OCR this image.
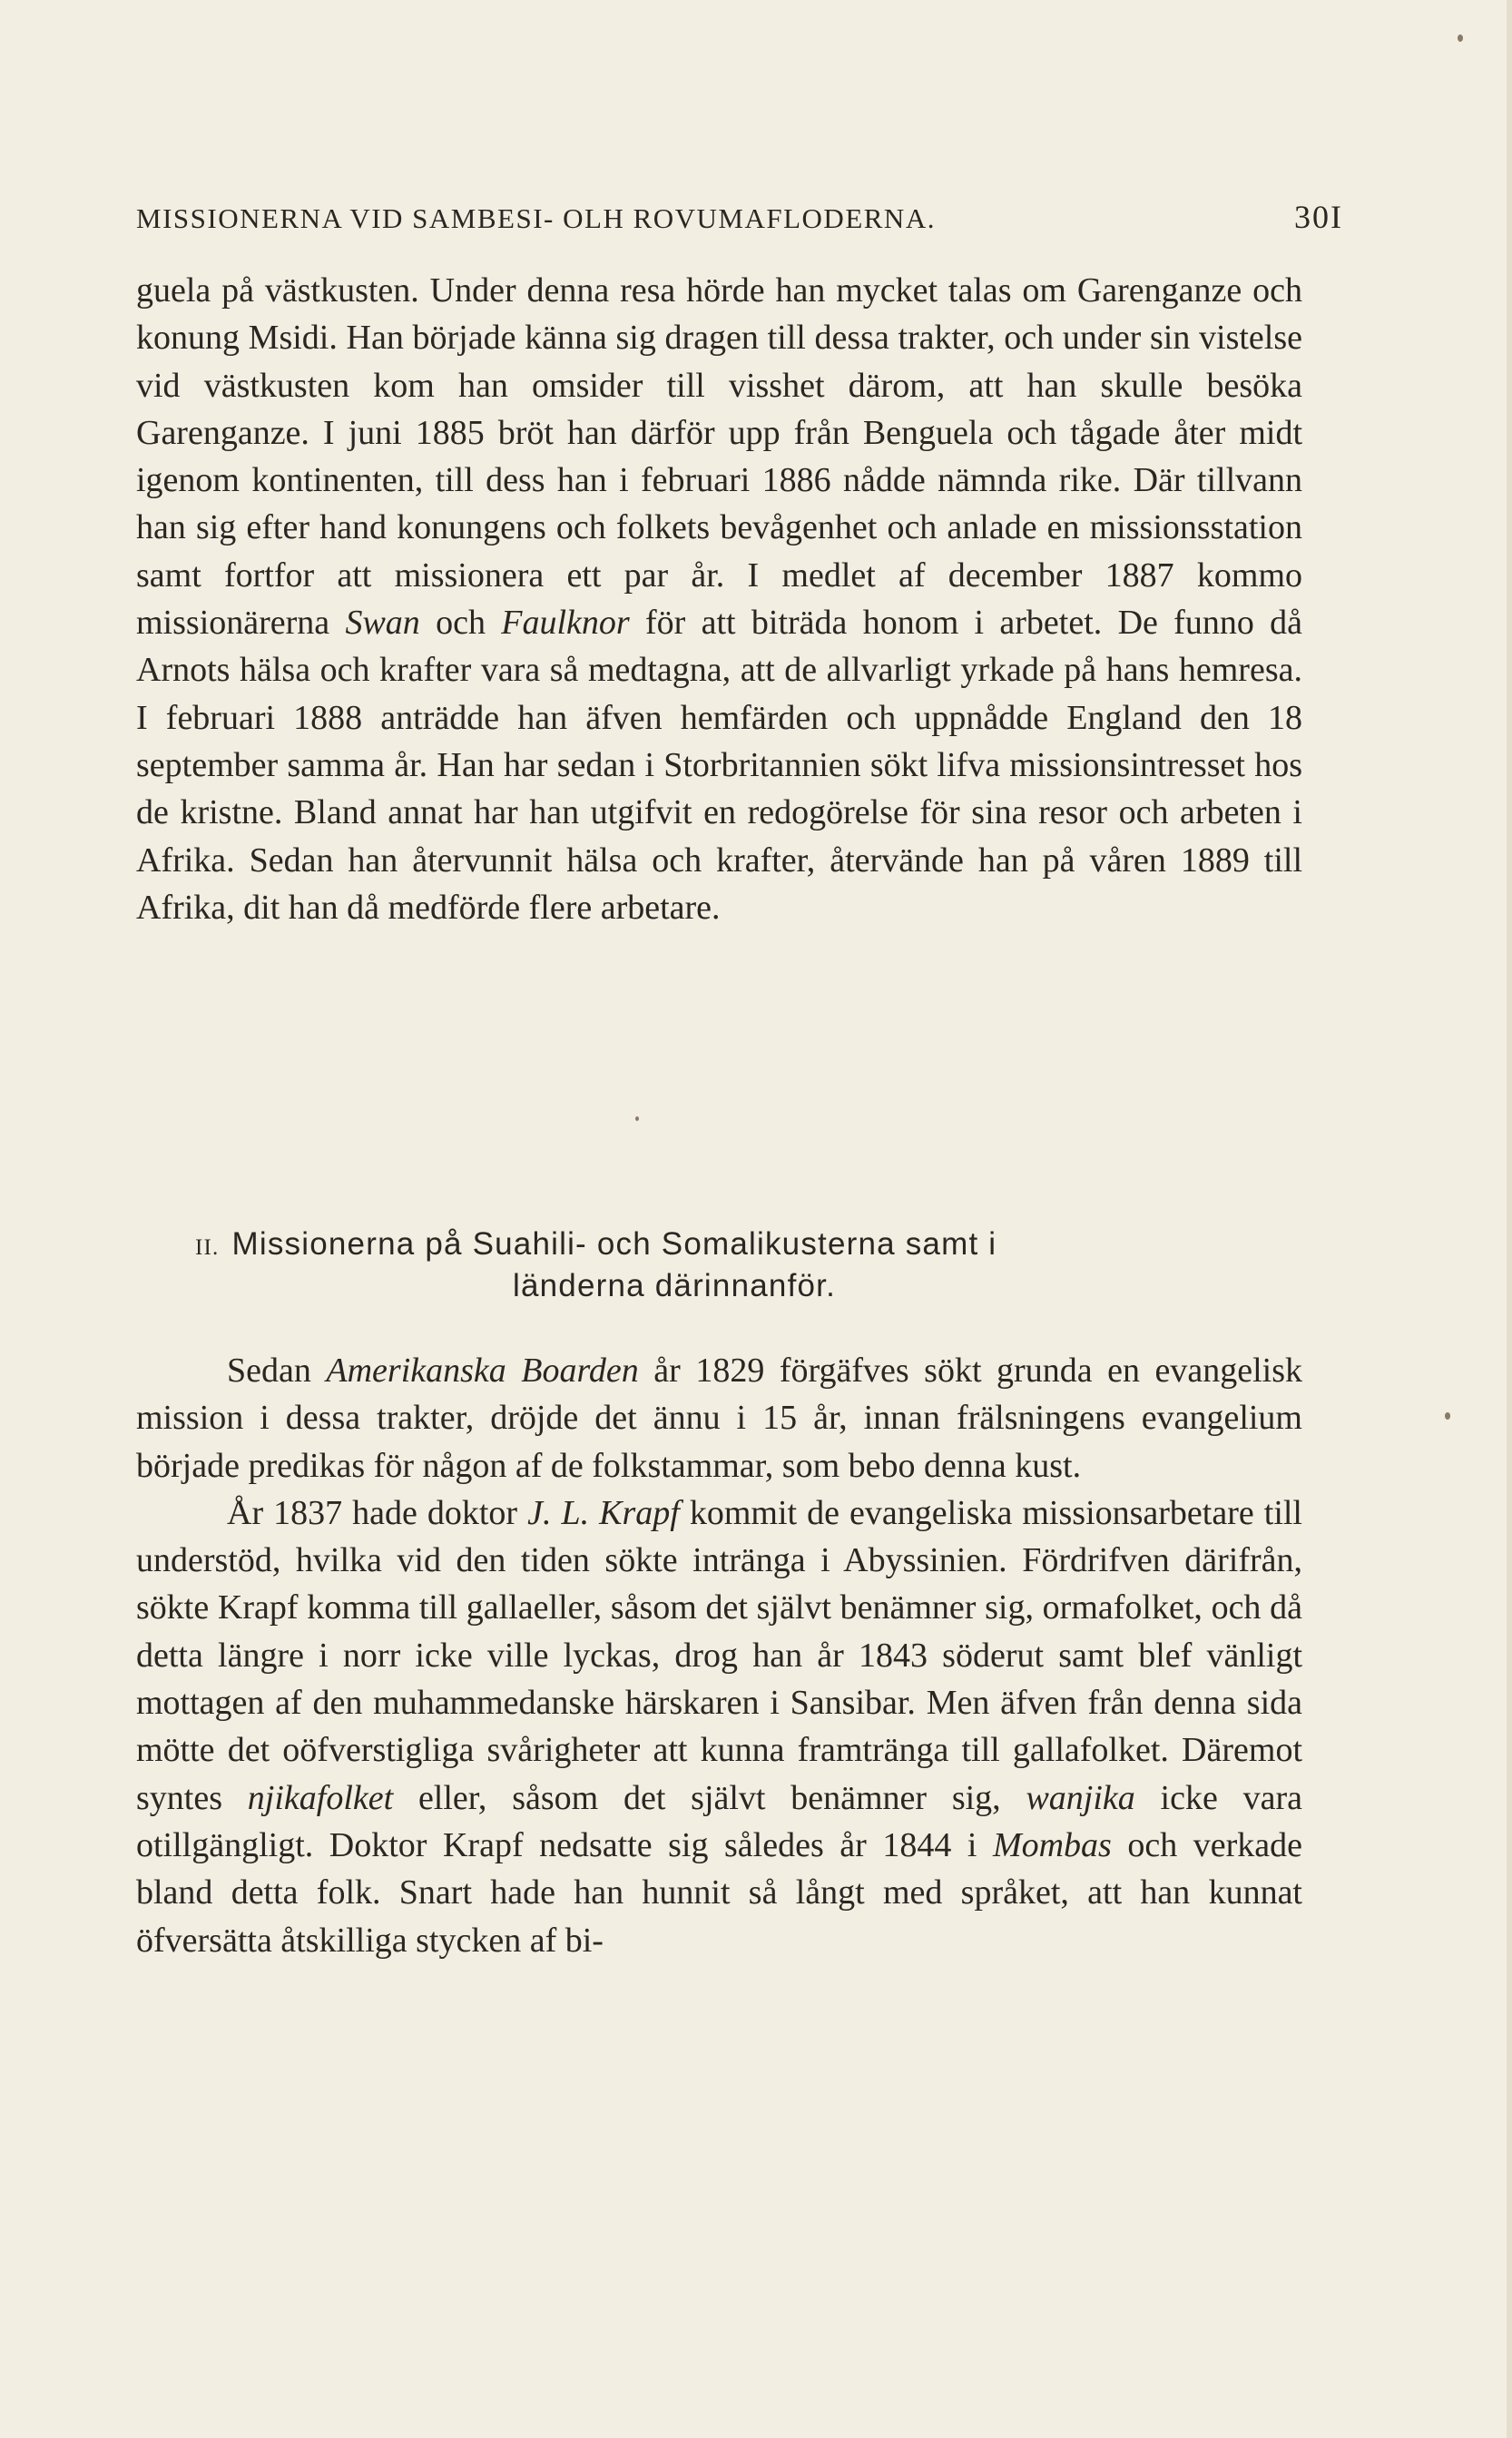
MISSIONERNA VID SAMBESI- OLH ROVUMAFLODERNA.	30I

guela på västkusten. Under denna resa hörde han mycket talas om Garenganze och konung Msidi. Han började känna sig dragen till dessa trakter, och under sin vistelse vid västkusten kom han omsider till visshet därom, att han skulle besöka Garenganze. I juni 1885 bröt han därför upp från Benguela och tågade åter midt igenom kontinenten, till dess han i februari 1886 nådde nämnda rike. Där tillvann han sig efter hand konungens och folkets bevågenhet och anlade en missionsstation samt fortfor att missionera ett par år. I medlet af december 1887 kommo missionärerna Swan och Faulknor för att biträda honom i arbetet. De funno då Arnots hälsa och krafter vara så medtagna, att de allvarligt yrkade på hans hemresa. I februari 1888 anträdde han äfven hemfärden och uppnådde England den 18 september samma år. Han har sedan i Storbritannien sökt lifva missionsintresset hos de kristne. Bland annat har han utgifvit en redogörelse för sina resor och arbeten i Afrika. Sedan han återvunnit hälsa och krafter, återvände han på våren 1889 till Afrika, dit han då medförde flere arbetare.

II. Missionerna på Suahili- och Somalikusterna samt i
länderna därinnanför.

Sedan Amerikanska Boarden år 1829 förgäfves sökt grunda en evangelisk mission i dessa trakter, dröjde det ännu i 15 år, innan frälsningens evangelium började predikas för någon af de folkstammar, som bebo denna kust.

År 1837 hade doktor J. L. Krapf kommit de evangeliska missionsarbetare till understöd, hvilka vid den tiden sökte inträngа i Abyssinien. Fördrifven därifrån, sökte Krapf komma till gallaeller, såsom det självt benämner sig, ormafolket, och då detta längre i norr icke ville lyckas, drog han år 1843 söderut samt blef vänligt mottagen af den muhammedanske härskaren i Sansibar. Men äfven från denna sida mötte det oöfverstigliga svårigheter att kunna framtränga till gallafolket. Däremot syntes njikafolket eller, såsom det självt benämner sig, wanjika icke vara otillgängligt. Doktor Krapf nedsatte sig således år 1844 i Mombas och verkade bland detta folk. Snart hade han hunnit så långt med språket, att han kunnat öfversätta åtskilliga stycken af bi-
